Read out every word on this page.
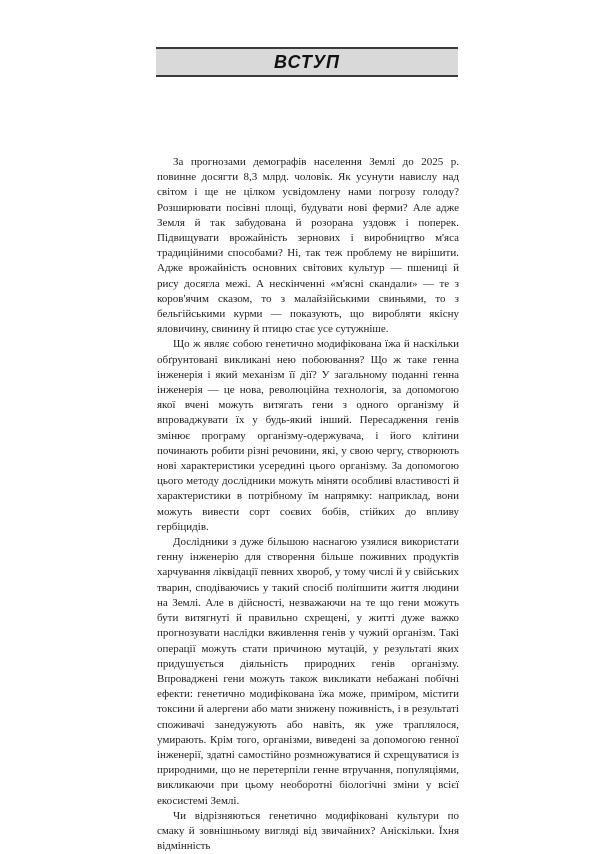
ВСТУП

За прогнозами демографів населення Землі до 2025 р. повинне досягти 8,3 млрд. чоловік. Як усунути навислу над світом і ще не цілком усвідомлену нами погрозу голоду? Розширювати посівні площі, будувати нові ферми? Але адже Земля й так забудована й розорана уздовж і поперек. Підвищувати врожайність зернових і виробництво м'яса традиційними способами? Ні, так теж проблему не вирішити. Адже врожайність основних світових культур — пшениці й рису досягла межі. А нескінченні «м'ясні скандали» — те з коров'ячим сказом, то з малайзійськими свиньями, то з бельгійськими курми — показують, що виробляти якісну яловичину, свинину й птицю стає усе сутужніше.

Що ж являє собою генетично модифікована їжа й наскільки обґрунтовані викликані нею побоювання? Що ж таке генна інженерія і який механізм її дії? У загальному поданні генна інженерія — це нова, революційна технологія, за допомогою якої вчені можуть витягать гени з одного організму й впроваджувати їх у будь-який інший. Пересадження генів змінює програму організму-одержувача, і його клітини починають робити різні речовини, які, у свою чергу, створюють нові характеристики усередині цього організму. За допомогою цього методу дослідники можуть міняти особливі властивості й характеристики в потрібному їм напрямку: наприклад, вони можуть вивести сорт соєвих бобів, стійких до впливу гербіцидів.

Дослідники з дуже більшою наснагою узялися використати генну інженерію для створення більше поживних продуктів харчування ліквідації певних хвороб, у тому числі й у свійських тварин, сподіваючись у такий спосіб поліпшити життя людини на Землі. Але в дійсності, незважаючи на те що гени можуть бути витягнуті й правильно схрещені, у житті дуже важко прогнозувати наслідки вживлення генів у чужий організм. Такі операції можуть стати причиною мутацій, у результаті яких придушується діяльність природних генів організму. Впроваджені гени можуть також викликати небажані побічні ефекти: генетично модифікована їжа може, приміром, містити токсини й алергени або мати знижену поживність, і в результаті споживачі занедужують або навіть, як уже траплялося, умирають. Крім того, організми, виведені за допомогою генної інженерії, здатні самостійно розмножуватися й схрещуватися із природними, що не перетерпіли генне втручання, популяціями, викликаючи при цьому необоротні біологічні зміни у всієї екосистемі Землі.

Чи відрізняються генетично модифіковані культури по смаку й зовнішньому вигляді від звичайних? Аніскільки. Їхня відмінність
